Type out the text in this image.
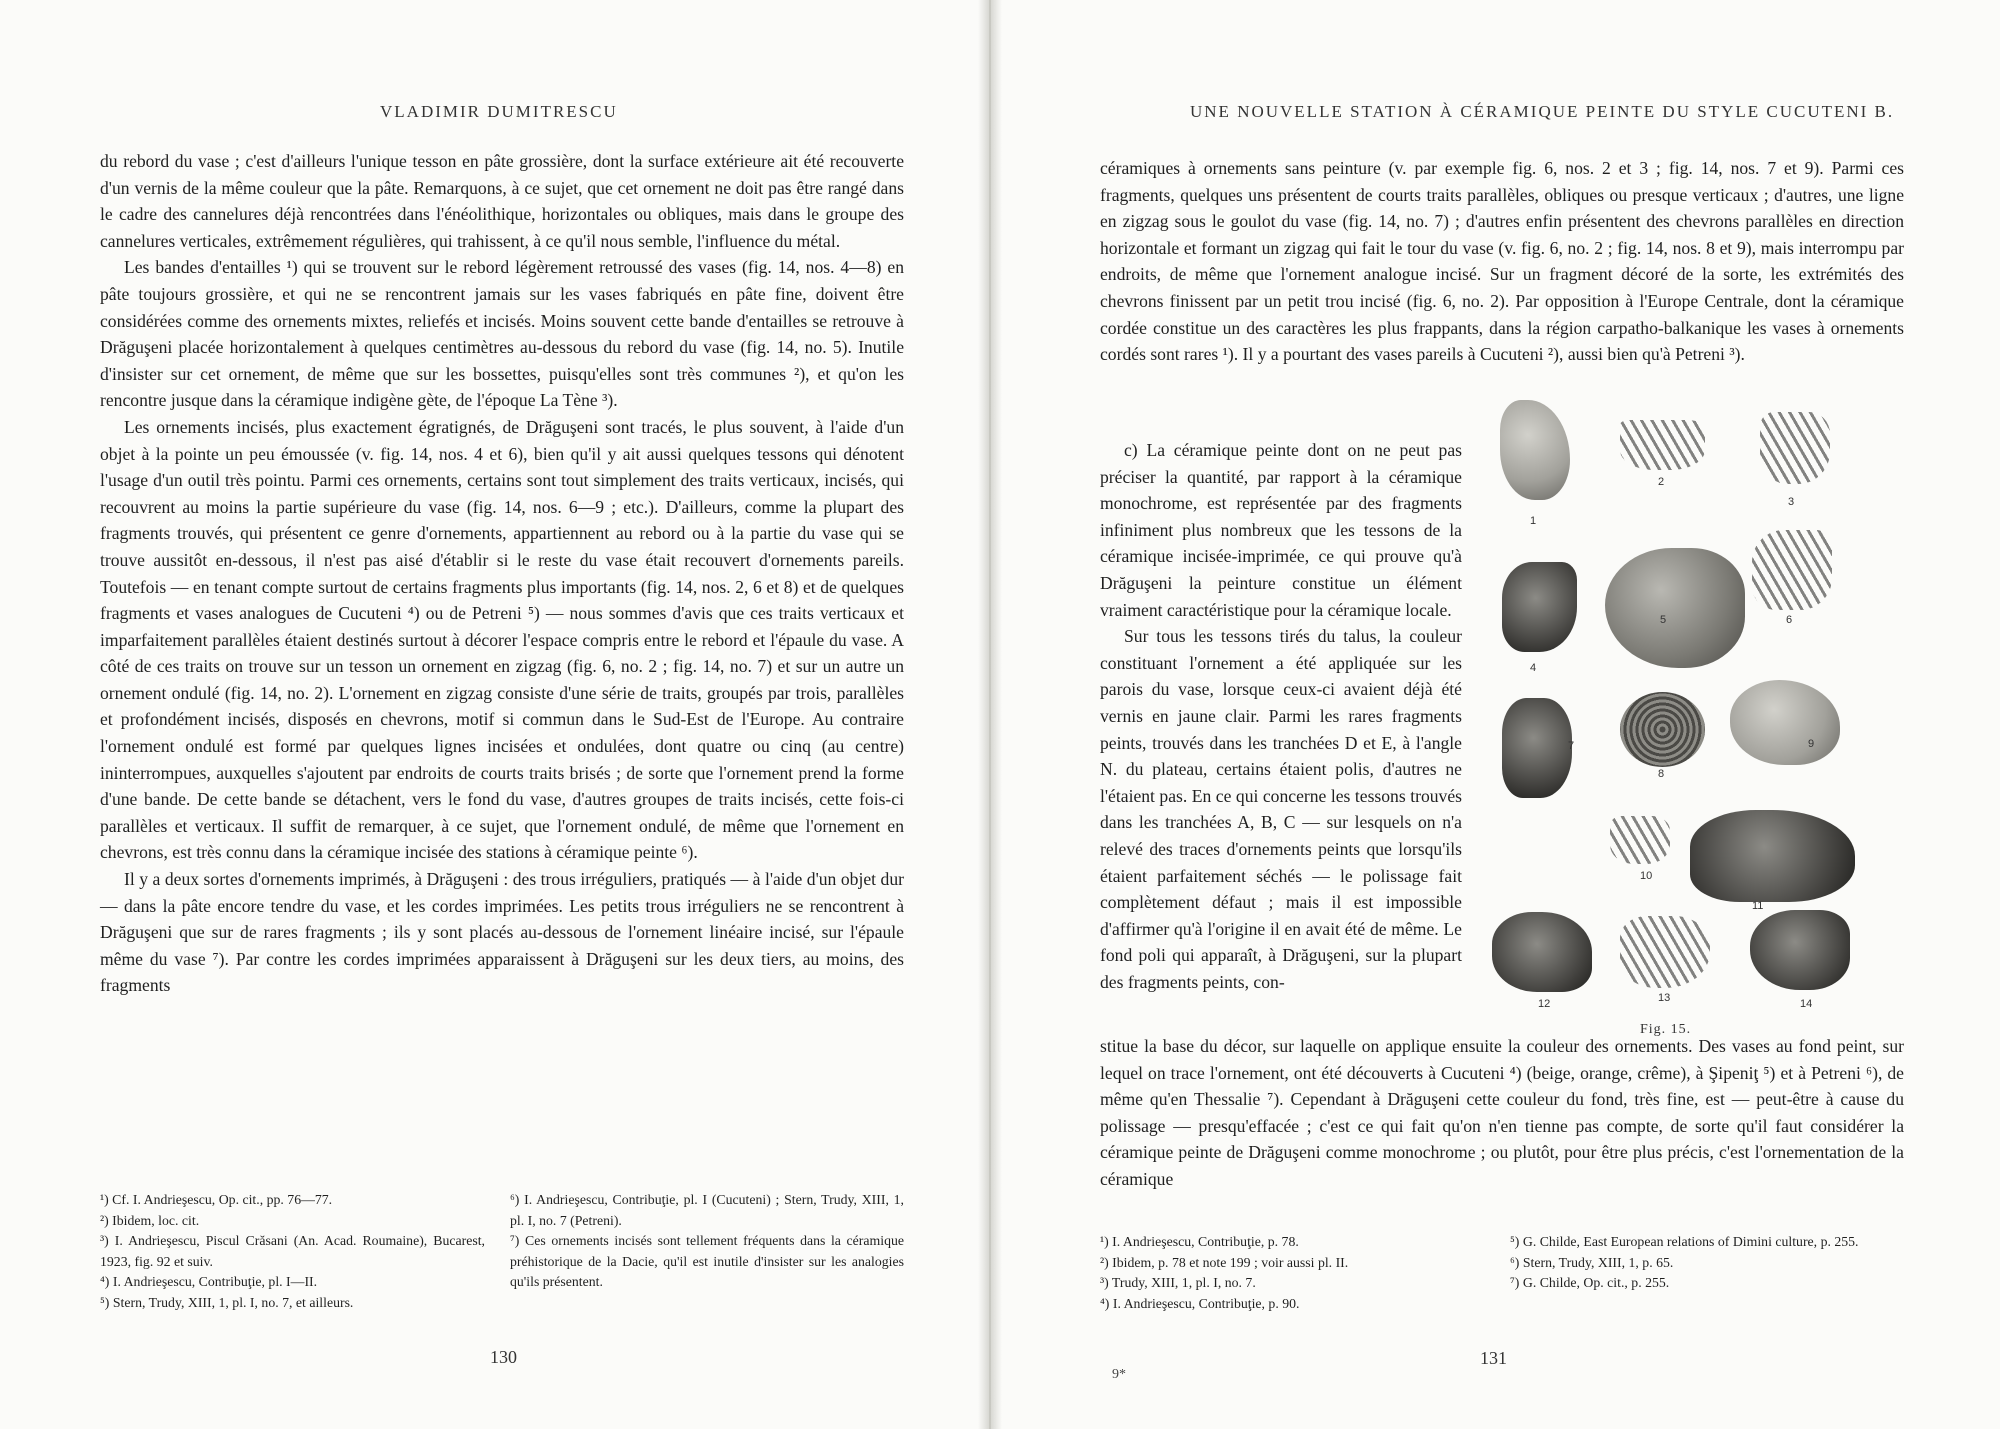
VLADIMIR DUMITRESCU

du rebord du vase ; c'est d'ailleurs l'unique tesson en pâte grossière, dont la surface extérieure ait été recouverte d'un vernis de la même couleur que la pâte. Remarquons, à ce sujet, que cet ornement ne doit pas être rangé dans le cadre des cannelures déjà rencontrées dans l'énéolithique, horizontales ou obliques, mais dans le groupe des cannelures verticales, extrêmement régulières, qui trahissent, à ce qu'il nous semble, l'influence du métal.

Les bandes d'entailles ¹) qui se trouvent sur le rebord légèrement retroussé des vases (fig. 14, nos. 4—8) en pâte toujours grossière, et qui ne se rencontrent jamais sur les vases fabriqués en pâte fine, doivent être considérées comme des ornements mixtes, reliefés et incisés. Moins souvent cette bande d'entailles se retrouve à Drăguşeni placée horizontalement à quelques centimètres au-dessous du rebord du vase (fig. 14, no. 5). Inutile d'insister sur cet ornement, de même que sur les bossettes, puisqu'elles sont très communes ²), et qu'on les rencontre jusque dans la céramique indigène gète, de l'époque La Tène ³).

Les ornements incisés, plus exactement égratignés, de Drăguşeni sont tracés, le plus souvent, à l'aide d'un objet à la pointe un peu émoussée (v. fig. 14, nos. 4 et 6), bien qu'il y ait aussi quelques tessons qui dénotent l'usage d'un outil très pointu. Parmi ces ornements, certains sont tout simplement des traits verticaux, incisés, qui recouvrent au moins la partie supérieure du vase (fig. 14, nos. 6—9 ; etc.). D'ailleurs, comme la plupart des fragments trouvés, qui présentent ce genre d'ornements, appartiennent au rebord ou à la partie du vase qui se trouve aussitôt en-dessous, il n'est pas aisé d'établir si le reste du vase était recouvert d'ornements pareils. Toutefois — en tenant compte surtout de certains fragments plus importants (fig. 14, nos. 2, 6 et 8) et de quelques fragments et vases analogues de Cucuteni ⁴) ou de Petreni ⁵) — nous sommes d'avis que ces traits verticaux et imparfaitement parallèles étaient destinés surtout à décorer l'espace compris entre le rebord et l'épaule du vase. A côté de ces traits on trouve sur un tesson un ornement en zigzag (fig. 6, no. 2 ; fig. 14, no. 7) et sur un autre un ornement ondulé (fig. 14, no. 2). L'ornement en zigzag consiste d'une série de traits, groupés par trois, parallèles et profondément incisés, disposés en chevrons, motif si commun dans le Sud-Est de l'Europe. Au contraire l'ornement ondulé est formé par quelques lignes incisées et ondulées, dont quatre ou cinq (au centre) ininterrompues, auxquelles s'ajoutent par endroits de courts traits brisés ; de sorte que l'ornement prend la forme d'une bande. De cette bande se détachent, vers le fond du vase, d'autres groupes de traits incisés, cette fois-ci parallèles et verticaux. Il suffit de remarquer, à ce sujet, que l'ornement ondulé, de même que l'ornement en chevrons, est très connu dans la céramique incisée des stations à céramique peinte ⁶).

Il y a deux sortes d'ornements imprimés, à Drăguşeni : des trous irréguliers, pratiqués — à l'aide d'un objet dur — dans la pâte encore tendre du vase, et les cordes imprimées. Les petits trous irréguliers ne se rencontrent à Drăguşeni que sur de rares fragments ; ils y sont placés au-dessous de l'ornement linéaire incisé, sur l'épaule même du vase ⁷). Par contre les cordes imprimées apparaissent à Drăguşeni sur les deux tiers, au moins, des fragments

¹) Cf. I. Andrieşescu, Op. cit., pp. 76—77.
²) Ibidem, loc. cit.
³) I. Andrieşescu, Piscul Crăsani (An. Acad. Roumaine), Bucarest, 1923, fig. 92 et suiv.
⁴) I. Andrieşescu, Contribuţie, pl. I—II.
⁵) Stern, Trudy, XIII, 1, pl. I, no. 7, et ailleurs.
⁶) I. Andrieşescu, Contribuţie, pl. I (Cucuteni) ; Stern, Trudy, XIII, 1, pl. I, no. 7 (Petreni).
⁷) Ces ornements incisés sont tellement fréquents dans la céramique préhistorique de la Dacie, qu'il est inutile d'insister sur les analogies qu'ils présentent.
130
UNE NOUVELLE STATION À CÉRAMIQUE PEINTE DU STYLE CUCUTENI B.
céramiques à ornements sans peinture (v. par exemple fig. 6, nos. 2 et 3 ; fig. 14, nos. 7 et 9). Parmi ces fragments, quelques uns présentent de courts traits parallèles, obliques ou presque verticaux ; d'autres, une ligne en zigzag sous le goulot du vase (fig. 14, no. 7) ; d'autres enfin présentent des chevrons parallèles en direction horizontale et formant un zigzag qui fait le tour du vase (v. fig. 6, no. 2 ; fig. 14, nos. 8 et 9), mais interrompu par endroits, de même que l'ornement analogue incisé. Sur un fragment décoré de la sorte, les extrémités des chevrons finissent par un petit trou incisé (fig. 6, no. 2). Par opposition à l'Europe Centrale, dont la céramique cordée constitue un des caractères les plus frappants, dans la région carpatho-balkanique les vases à ornements cordés sont rares ¹). Il y a pourtant des vases pareils à Cucuteni ²), aussi bien qu'à Petreni ³).

c) La céramique peinte dont on ne peut pas préciser la quantité, par rapport à la céramique monochrome, est représentée par des fragments infiniment plus nombreux que les tessons de la céramique incisée-imprimée, ce qui prouve qu'à Drăguşeni la peinture constitue un élément vraiment caractéristique pour la céramique locale.

Sur tous les tessons tirés du talus, la couleur constituant l'ornement a été appliquée sur les parois du vase, lorsque ceux-ci avaient déjà été vernis en jaune clair. Parmi les rares fragments peints, trouvés dans les tranchées D et E, à l'angle N. du plateau, certains étaient polis, d'autres ne l'étaient pas. En ce qui concerne les tessons trouvés dans les tranchées A, B, C — sur lesquels on n'a relevé des traces d'ornements peints que lorsqu'ils étaient parfaitement séchés — le polissage fait complètement défaut ; mais il est impossible d'affirmer qu'à l'origine il en avait été de même. Le fond poli qui apparaît, à Drăguşeni, sur la plupart des fragments peints, con-

1
2
3
4
5	6
7
8
9
10
11
12	13	14
Fig. 15.
stitue la base du décor, sur laquelle on applique ensuite la couleur des ornements. Des vases au fond peint, sur lequel on trace l'ornement, ont été découverts à Cucuteni ⁴) (beige, orange, crême), à Şipeniţ ⁵) et à Petreni ⁶), de même qu'en Thessalie ⁷). Cependant à Drăguşeni cette couleur du fond, très fine, est — peut-être à cause du polissage — presqu'effacée ; c'est ce qui fait qu'on n'en tienne pas compte, de sorte qu'il faut considérer la céramique peinte de Drăguşeni comme monochrome ; ou plutôt, pour être plus précis, c'est l'ornementation de la céramique
¹) I. Andrieşescu, Contribuţie, p. 78.
²) Ibidem, p. 78 et note 199 ; voir aussi pl. II.
³) Trudy, XIII, 1, pl. I, no. 7.
⁴) I. Andrieşescu, Contribuţie, p. 90.
⁵) G. Childe, East European relations of Dimini culture, p. 255.
⁶) Stern, Trudy, XIII, 1, p. 65.
⁷) G. Childe, Op. cit., p. 255.
131
9*
